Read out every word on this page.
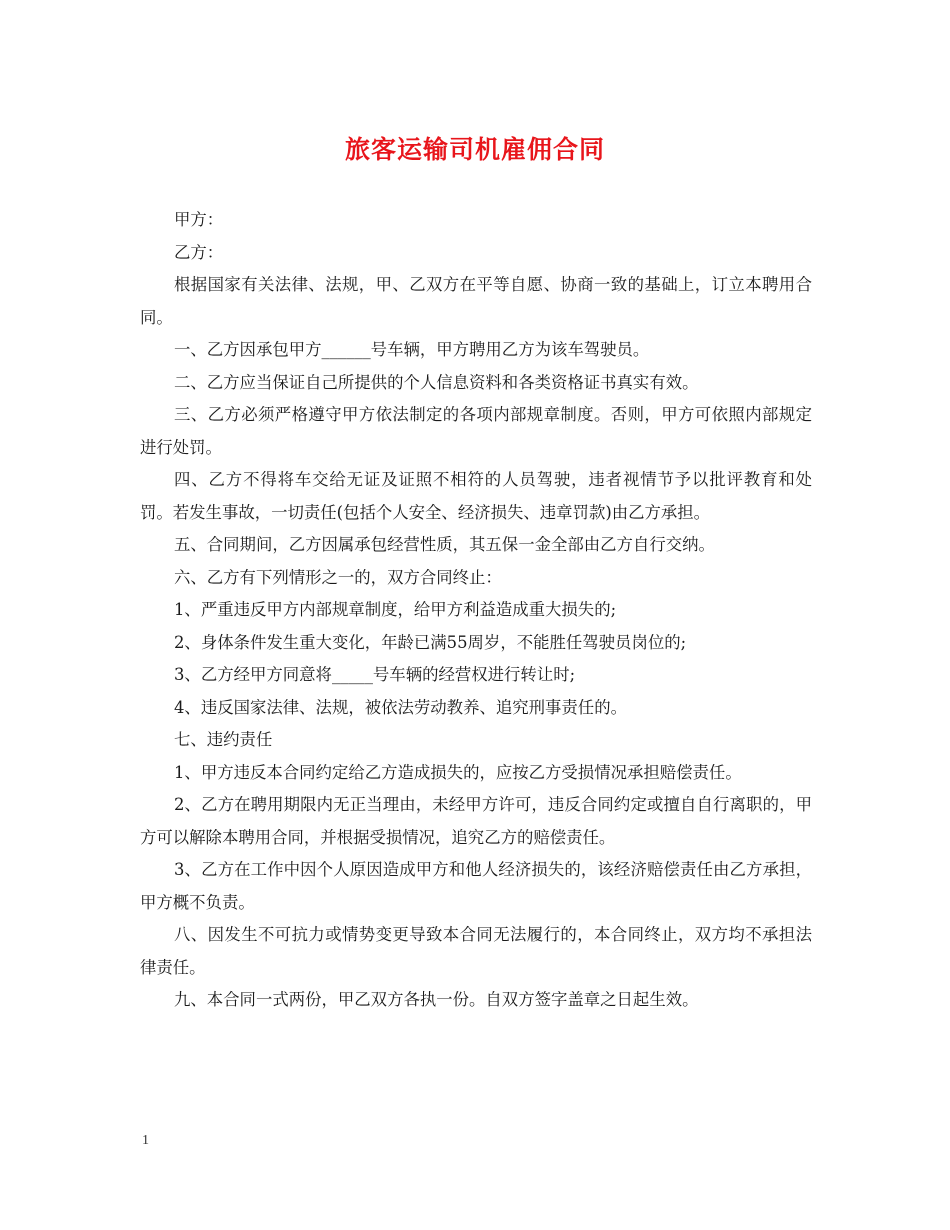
旅客运输司机雇佣合同

甲方：

乙方：

根据国家有关法律、法规，甲、乙双方在平等自愿、协商一致的基础上，订立本聘用合同。

一、乙方因承包甲方______号车辆，甲方聘用乙方为该车驾驶员。

二、乙方应当保证自己所提供的个人信息资料和各类资格证书真实有效。

三、乙方必须严格遵守甲方依法制定的各项内部规章制度。否则，甲方可依照内部规定进行处罚。

四、乙方不得将车交给无证及证照不相符的人员驾驶，违者视情节予以批评教育和处罚。若发生事故，一切责任(包括个人安全、经济损失、违章罚款)由乙方承担。

五、合同期间，乙方因属承包经营性质，其五保一金全部由乙方自行交纳。

六、乙方有下列情形之一的，双方合同终止：

1、严重违反甲方内部规章制度，给甲方利益造成重大损失的;

2、身体条件发生重大变化，年龄已满55周岁，不能胜任驾驶员岗位的;

3、乙方经甲方同意将_____号车辆的经营权进行转让时;

4、违反国家法律、法规，被依法劳动教养、追究刑事责任的。

七、违约责任

1、甲方违反本合同约定给乙方造成损失的，应按乙方受损情况承担赔偿责任。

2、乙方在聘用期限内无正当理由，未经甲方许可，违反合同约定或擅自自行离职的，甲方可以解除本聘用合同，并根据受损情况，追究乙方的赔偿责任。

3、乙方在工作中因个人原因造成甲方和他人经济损失的，该经济赔偿责任由乙方承担，甲方概不负责。

八、因发生不可抗力或情势变更导致本合同无法履行的，本合同终止，双方均不承担法律责任。

九、本合同一式两份，甲乙双方各执一份。自双方签字盖章之日起生效。

1
